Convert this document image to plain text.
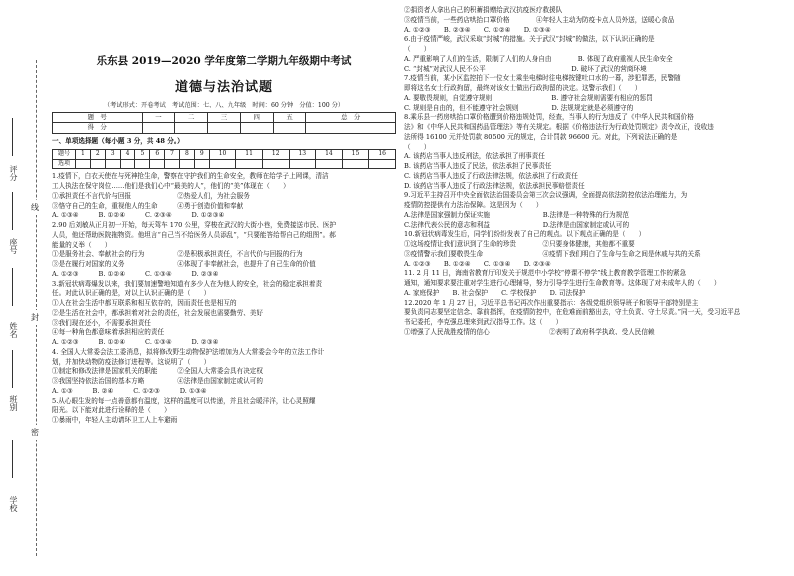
评分
座号
姓名
班别
学校
线
封
密
乐东县 2019—2020 学年度第二学期九年级期中考试
道德与法治试题
（考试形式：开卷考试　考试范围：七、八、九年级　时间：60 分钟　分值：100 分）
题　号	一	二	三	四	五	总　分
得　分						
一、单项选择题（每小题 3 分，共 48 分。）
题号	1	2	3	4	5	6	7	8	9	10	11	12	13	14	15	16
选项																
1.疫情下，白衣天使在与死神抢生命，警察在守护我们的生命安全，教师在给学子上网课，清洁
工人执法在保守岗位……他们是我们心中“最美的人”，他们的“美”体现在（　　）
①承担责任不言代价与回报　　　　　　　②热爱人们，为社会服务
③恪守自己的生命，重视他人的生命　　　④勇于创造价值和奉献
A. ①③④　　　B. ①②④　　　C. ②③④　　　D. ①②③④
2.90 后刘敏从正月初一开始，每天驾车 170 公里，穿梭在武汉的大街小巷，免费接送市民、医护
人员，他还帮助医院拖物资。他坦言“自己当不给医务人员添乱”，“只要能答给帮自己的组图”。郝
能量的义举（　　）
①是服务社会、奉献社会的行为　　　　　②是积极承担责任，不言代价与回报的行为
③是在履行对国家的义务　　　　　　　　④体现了非奉献社会，也提升了自己生命的价值
A. ①②③　　　B. ①②④　　　C. ①③④　　　D. ②③④
3.新冠状病毒爆发以来，我们要加速警地知道有多少人在为他人的安全，社会的稳定承担着责
任。对此认识正确的是，对以上认识正确的是（　　）
①人在社会生活中都互联系和相互依存的，因而责任也是相互的
②是生活在社会中，都承担着对社会的责任，社会发展也需要勤劳、美好
③我们现在还小，不需要承担责任
④每一种角色都意味着承担相应的责任
A. ①②③　　　B. ①②④　　　C. ①③④　　　D. ②③④
4. 全国人大常委会法工委消息，拟将修改野生动物保护法增加为人大常委会今年的立法工作计
划，并加快动物防疫法修订进程等。这说明了（　　）
①制定和修改法律是国家机关的职能　　　②全国人大常委会具有决定权
③我国坚持依法治国的基本方略　　　　　④法律是由国家制定或认可的
A. ①③　　　B. ②④　　　C. ①②③　　　D. ①③④
5.从心眼生发的每一点善意都有温度，这样的温度可以传递，并且社会暖洋洋，让心灵照耀
阳光。以下能对此进行诠释的是（　　）
①暴雨中，年轻人主动请环卫工人上车避雨
②捐资者人拿出自己的积蓄捐赠给武汉抗疫医疗救援队
③疫情当前，一些药店哄抬口罩价格　　　　④年轻人主动为防疫卡点人员外送，送暖心食品
A. ①②③　　B. ②③④　　C. ①②④　　D. ①③④
6.由于疫情严峻，武汉采取“封城”的措施。关于武汉“封城”的做法，以下认识正确的是
（　　）
A. 严重影响了人们的生活，限制了人们的人身自由　　　　B. 体现了政府重视人民生命安全
C. “封城”对武汉人民不公平　　　　　　　　　　　　　D. 破坏了武汉的营商环境
7.疫情当前，某小区监控拍下一位女士乘坐电梯时往电梯按键吐口水的一幕，涉犯罪恶，民警随
即将这名女士行政拘留，最终对该女士做出行政拘留的决定。这警示我们（　　）
A. 要敬畏规则，自觉遵守规则　　　　　　　　　B. 遵守社会规则需要有相应的惩罚
C. 规则是自由的，但不能遵守社会规则　　　　　D. 法规规定就是必须遵守的
8.乘乐县一药房哄抬口罩价格遭到价格违规处罚，经查，当事人的行为违反了《中华人民共和国价格
法》和《中华人民共和国药品管理法》等有关规定。根据《价格违法行为行政处罚规定》责令改正，没收违
法所得 16100 元并处罚款 80500 元的规定，合计罚款 96600 元。对此，下列说法正确的是
（　　）
A. 该药店当事人违反刑法，依法承担了刑事责任
B. 该药店当事人违反了民法，依法承担了民事责任
C. 该药店当事人违反了行政法律法规，依法承担了行政责任
D. 该药店当事人违反了行政法律法规，依法承担民事赔偿责任
9.习近平主持召开中央全面依法治国委员会第三次会议强调，全面提高依法防控依法治理能力，为
疫情防控提供有力法治保障。这是因为（　　）
A.法律是国家强制力保证实施　　　　　　　　B.法律是一种特殊的行为规范
C.法律代表公民的意志和利益　　　　　　　　D.法律是由国家制定或认可的
10.新冠状病毒发生后，同学们纷纷发表了自己的观点。以下观点正确的是（　　）
①这场疫情让我们意识到了生命的珍贵　　　　②只要身体健康，其他都不重要
③疫情警示我们要敬畏生命　　　　　　　　　④疫情下我们明白了生命与生命之间是休戚与共的关系
A. ①②③　　B. ①②④　　C. ①③④　　D. ②③④
11. 2 月 11 日，海南省教育厅印发关于规范中小学校“停课不停学”线上教育教学管理工作的紧急
通知，通知要求要注重对学生进行心理辅导，努力引导学生进行生命教育等。这体现了对未成年人的（　　）
A. 家庭保护　　B. 社会保护　　C. 学校保护　　D. 司法保护
12.2020 年 1 月 27 日，习近平总书记再次作出重要指示：各级党组织领导班子和领导干部特别是主
要负责同志要坚定信念、靠前指挥，在疫情防控中，在危难面前豁出去，守土负责、守土尽责。”同一天，受习近平总
书记委托，李克强总理来到武汉指导工作。这（　　）
①增强了人民战胜疫情的信心　　　　　　　　　②表明了政府科学执政、受人民信赖
